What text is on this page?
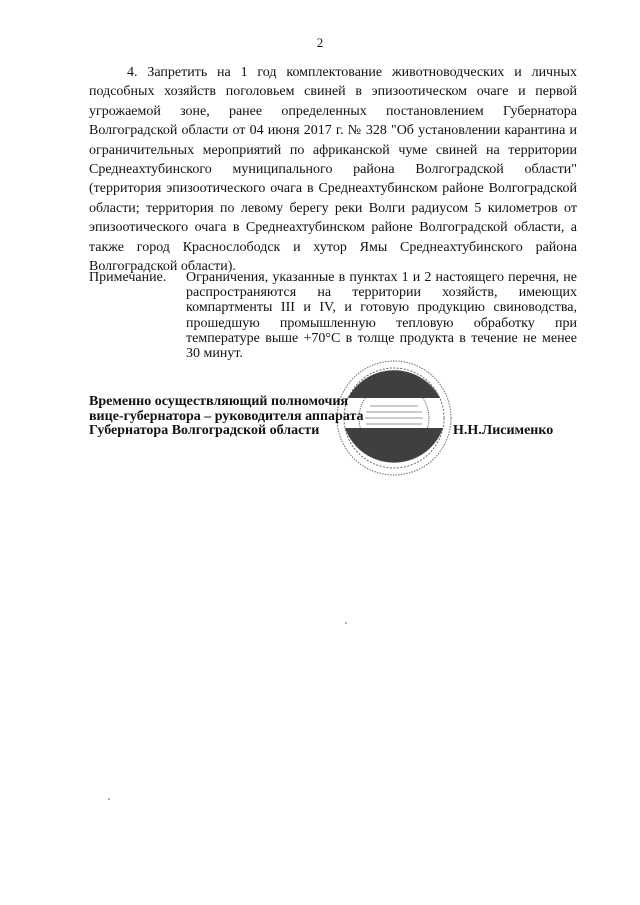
2

4. Запретить на 1 год комплектование животноводческих и личных подсобных хозяйств поголовьем свиней в эпизоотическом очаге и первой угрожаемой зоне, ранее определенных постановлением Губернатора Волгоградской области от 04 июня 2017 г. № 328 "Об установлении карантина и ограничительных мероприятий по африканской чуме свиней на территории Среднеахтубинского муниципального района Волгоградской области" (территория эпизоотического очага в Среднеахтубинском районе Волгоградской области; территория по левому берегу реки Волги радиусом 5 километров от эпизоотического очага в Среднеахтубинском районе Волгоградской области, а также город Краснослободск и хутор Ямы Среднеахтубинского района Волгоградской области).

Примечание. Ограничения, указанные в пунктах 1 и 2 настоящего перечня, не распространяются на территории хозяйств, имеющих компартменты III и IV, и готовую продукцию свиноводства, прошедшую промышленную тепловую обработку при температуре выше +70°С в толще продукта в течение не менее 30 минут.

Временно осуществляющий полномочия
вице-губернатора – руководителя аппарата
Губернатора Волгоградской области	Н.Н.Лисименко
